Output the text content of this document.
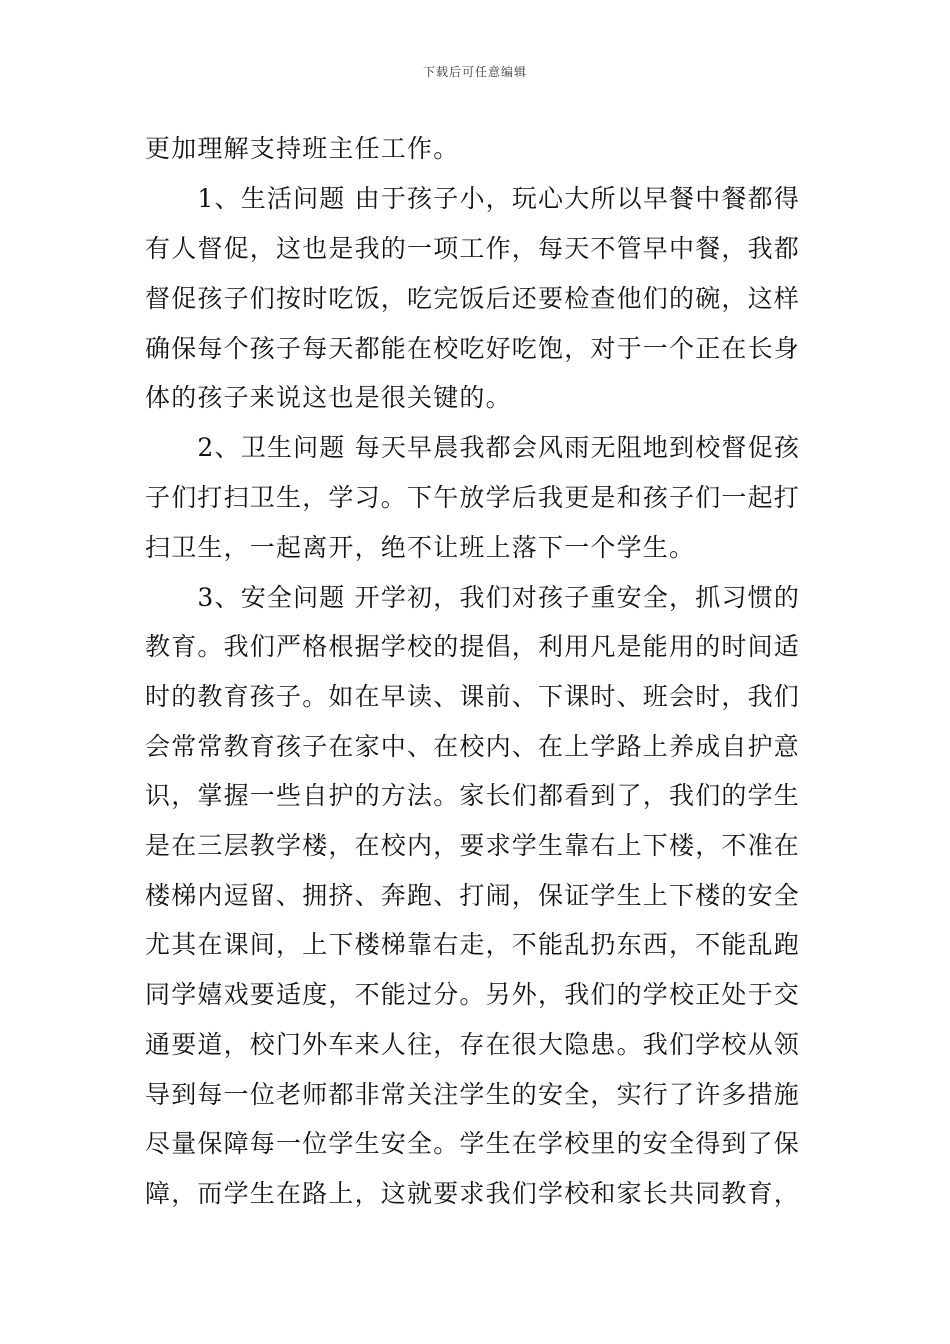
下载后可任意编辑
更加理解支持班主任工作。
　　1、生活问题 由于孩子小，玩心大所以早餐中餐都得
有人督促，这也是我的一项工作，每天不管早中餐，我都
督促孩子们按时吃饭，吃完饭后还要检查他们的碗，这样
确保每个孩子每天都能在校吃好吃饱，对于一个正在长身
体的孩子来说这也是很关键的。
　　2、卫生问题 每天早晨我都会风雨无阻地到校督促孩
子们打扫卫生，学习。下午放学后我更是和孩子们一起打
扫卫生，一起离开，绝不让班上落下一个学生。
　　3、安全问题 开学初，我们对孩子重安全，抓习惯的
教育。我们严格根据学校的提倡，利用凡是能用的时间适
时的教育孩子。如在早读、课前、下课时、班会时，我们
会常常教育孩子在家中、在校内、在上学路上养成自护意
识，掌握一些自护的方法。家长们都看到了，我们的学生
是在三层教学楼，在校内，要求学生靠右上下楼，不准在
楼梯内逗留、拥挤、奔跑、打闹，保证学生上下楼的安全
尤其在课间，上下楼梯靠右走，不能乱扔东西，不能乱跑
同学嬉戏要适度，不能过分。另外，我们的学校正处于交
通要道，校门外车来人往，存在很大隐患。我们学校从领
导到每一位老师都非常关注学生的安全，实行了许多措施
尽量保障每一位学生安全。学生在学校里的安全得到了保
障，而学生在路上，这就要求我们学校和家长共同教育，
